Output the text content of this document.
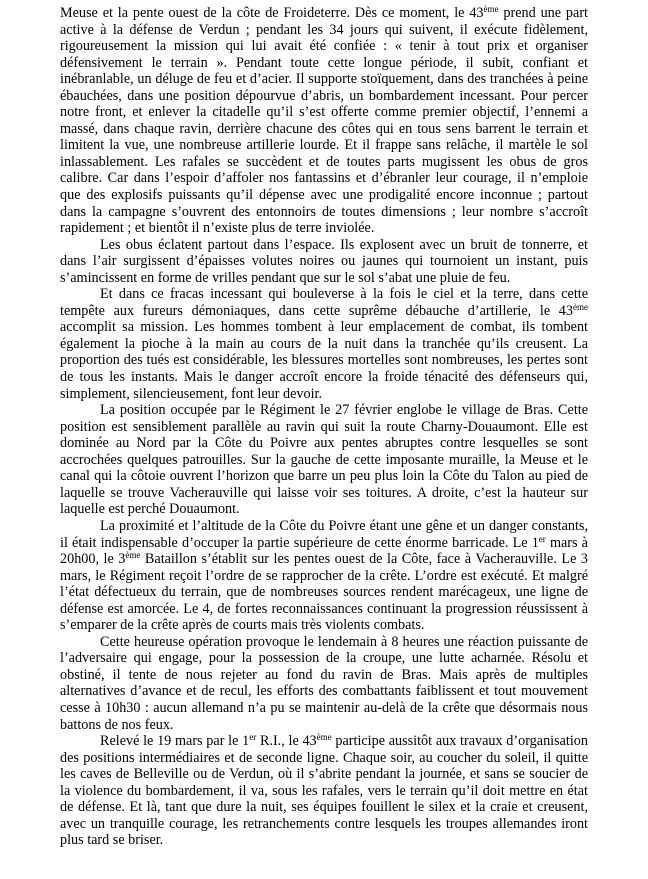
Meuse et la pente ouest de la côte de Froideterre. Dès ce moment, le 43ème prend une part active à la défense de Verdun ; pendant les 34 jours qui suivent, il exécute fidèlement, rigoureusement la mission qui lui avait été confiée : « tenir à tout prix et organiser défensivement le terrain ». Pendant toute cette longue période, il subit, confiant et inébranlable, un déluge de feu et d’acier. Il supporte stoïquement, dans des tranchées à peine ébauchées, dans une position dépourvue d’abris, un bombardement incessant. Pour percer notre front, et enlever la citadelle qu’il s’est offerte comme premier objectif, l’ennemi a massé, dans chaque ravin, derrière chacune des côtes qui en tous sens barrent le terrain et limitent la vue, une nombreuse artillerie lourde. Et il frappe sans relâche, il martèle le sol inlassablement. Les rafales se succèdent et de toutes parts mugissent les obus de gros calibre. Car dans l’espoir d’affoler nos fantassins et d’ébranler leur courage, il n’emploie que des explosifs puissants qu’il dépense avec une prodigalité encore inconnue ; partout dans la campagne s’ouvrent des entonnoirs de toutes dimensions ; leur nombre s’accroît rapidement ; et bientôt il n’existe plus de terre inviolée.

Les obus éclatent partout dans l’espace. Ils explosent avec un bruit de tonnerre, et dans l’air surgissent d’épaisses volutes noires ou jaunes qui tournoient un instant, puis s’amincissent en forme de vrilles pendant que sur le sol s’abat une pluie de feu.

Et dans ce fracas incessant qui bouleverse à la fois le ciel et la terre, dans cette tempête aux fureurs démoniaques, dans cette suprême débauche d’artillerie, le 43ème accomplit sa mission. Les hommes tombent à leur emplacement de combat, ils tombent également la pioche à la main au cours de la nuit dans la tranchée qu’ils creusent. La proportion des tués est considérable, les blessures mortelles sont nombreuses, les pertes sont de tous les instants. Mais le danger accroît encore la froide ténacité des défenseurs qui, simplement, silencieusement, font leur devoir.

La position occupée par le Régiment le 27 février englobe le village de Bras. Cette position est sensiblement parallèle au ravin qui suit la route Charny-Douaumont. Elle est dominée au Nord par la Côte du Poivre aux pentes abruptes contre lesquelles se sont accrochées quelques patrouilles. Sur la gauche de cette imposante muraille, la Meuse et le canal qui la côtoie ouvrent l’horizon que barre un peu plus loin la Côte du Talon au pied de laquelle se trouve Vacherauville qui laisse voir ses toitures. A droite, c’est la hauteur sur laquelle est perché Douaumont.

La proximité et l’altitude de la Côte du Poivre étant une gêne et un danger constants, il était indispensable d’occuper la partie supérieure de cette énorme barricade. Le 1er mars à 20h00, le 3ème Bataillon s’établit sur les pentes ouest de la Côte, face à Vacherauville. Le 3 mars, le Régiment reçoit l’ordre de se rapprocher de la crête. L’ordre est exécuté. Et malgré l’état défectueux du terrain, que de nombreuses sources rendent marécageux, une ligne de défense est amorcée. Le 4, de fortes reconnaissances continuant la progression réussissent à s’emparer de la crête après de courts mais très violents combats.

Cette heureuse opération provoque le lendemain à 8 heures une réaction puissante de l’adversaire qui engage, pour la possession de la croupe, une lutte acharnée. Résolu et obstiné, il tente de nous rejeter au fond du ravin de Bras. Mais après de multiples alternatives d’avance et de recul, les efforts des combattants faiblissent et tout mouvement cesse à 10h30 : aucun allemand n’a pu se maintenir au-delà de la crête que désormais nous battons de nos feux.

Relevé le 19 mars par le 1er R.I., le 43ème participe aussitôt aux travaux d’organisation des positions intermédiaires et de seconde ligne. Chaque soir, au coucher du soleil, il quitte les caves de Belleville ou de Verdun, où il s’abrite pendant la journée, et sans se soucier de la violence du bombardement, il va, sous les rafales, vers le terrain qu’il doit mettre en état de défense. Et là, tant que dure la nuit, ses équipes fouillent le silex et la craie et creusent, avec un tranquille courage, les retranchements contre lesquels les troupes allemandes iront plus tard se briser.
